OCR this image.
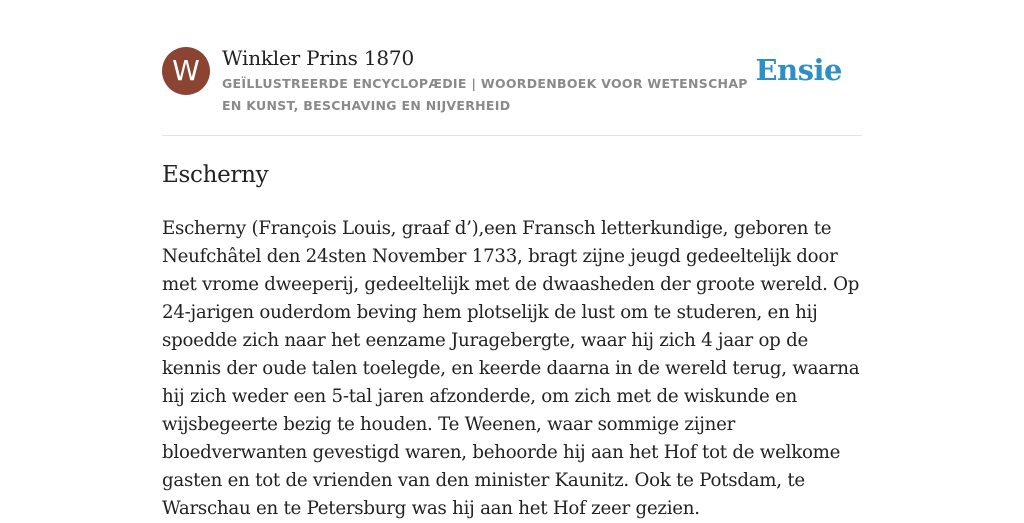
W	Winkler Prins 1870
GEÏLLUSTREERDE ENCYCLOPÆDIE | WOORDENBOEK VOOR WETENSCHAP EN KUNST, BESCHAVING EN NIJVERHEID
Ensie
Escherny

Escherny (François Louis, graaf d’),een Fransch letterkundige, geboren te Neufchâtel den 24sten November 1733, bragt zijne jeugd gedeeltelijk door met vrome dweeperij, gedeeltelijk met de dwaasheden der groote wereld. Op 24-jarigen ouderdom beving hem plotselijk de lust om te studeren, en hij spoedde zich naar het eenzame Juragebergte, waar hij zich 4 jaar op de kennis der oude talen toelegde, en keerde daarna in de wereld terug, waarna hij zich weder een 5-tal jaren afzonderde, om zich met de wiskunde en wijsbegeerte bezig te houden. Te Weenen, waar sommige zijner bloedverwanten gevestigd waren, behoorde hij aan het Hof tot de welkome gasten en tot de vrienden van den minister Kaunitz. Ook te Potsdam, te Warschau en te Petersburg was hij aan het Hof zeer gezien.
